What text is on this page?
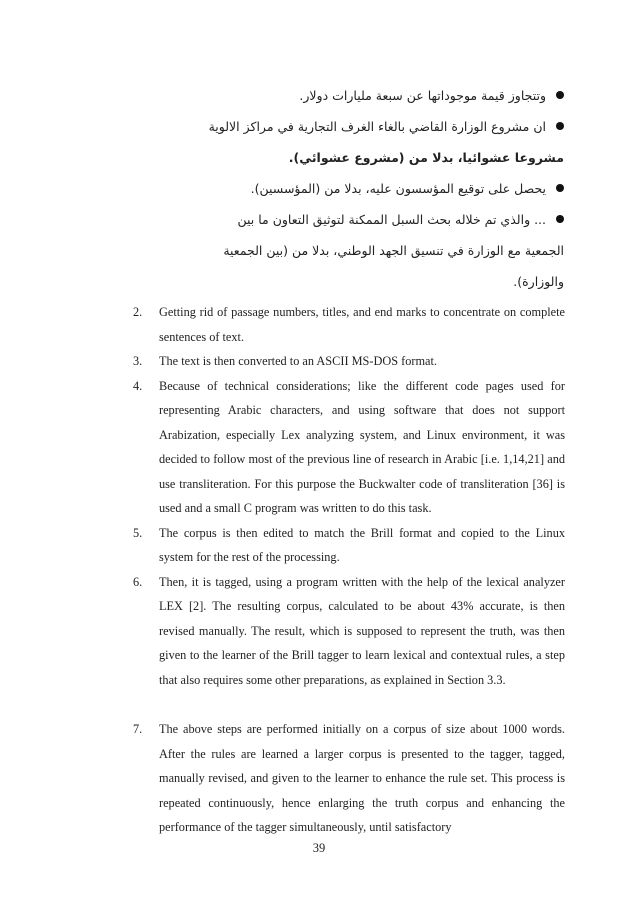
وتتجاوز قيمة موجوداتها عن سبعة مليارات دولار.
ان مشروع الوزارة القاضي بالغاء الغرف التجارية في مراكز الالوية
مشروعا عشوائيا، بدلا من (مشروع عشوائي).
يحصل على توقيع المؤسسون عليه، بدلا من (المؤسسين).
... والذي تم خلاله بحث السبل الممكنة لتوثيق التعاون ما بين
الجمعية مع الوزارة في تنسيق الجهد الوطني، بدلا من (بين الجمعية
والوزارة).
2. Getting rid of passage numbers, titles, and end marks to concentrate on complete sentences of text.
3. The text is then converted to an ASCII MS-DOS format.
4. Because of technical considerations; like the different code pages used for representing Arabic characters, and using software that does not support Arabization, especially Lex analyzing system, and Linux environment, it was decided to follow most of the previous line of research in Arabic [i.e. 1,14,21] and use transliteration. For this purpose the Buckwalter code of transliteration [36] is used and a small C program was written to do this task.
5. The corpus is then edited to match the Brill format and copied to the Linux system for the rest of the processing.
6. Then, it is tagged, using a program written with the help of the lexical analyzer LEX [2]. The resulting corpus, calculated to be about 43% accurate, is then revised manually. The result, which is supposed to represent the truth, was then given to the learner of the Brill tagger to learn lexical and contextual rules, a step that also requires some other preparations, as explained in Section 3.3.
7. The above steps are performed initially on a corpus of size about 1000 words. After the rules are learned a larger corpus is presented to the tagger, tagged, manually revised, and given to the learner to enhance the rule set. This process is repeated continuously, hence enlarging the truth corpus and enhancing the performance of the tagger simultaneously, until satisfactory
39
